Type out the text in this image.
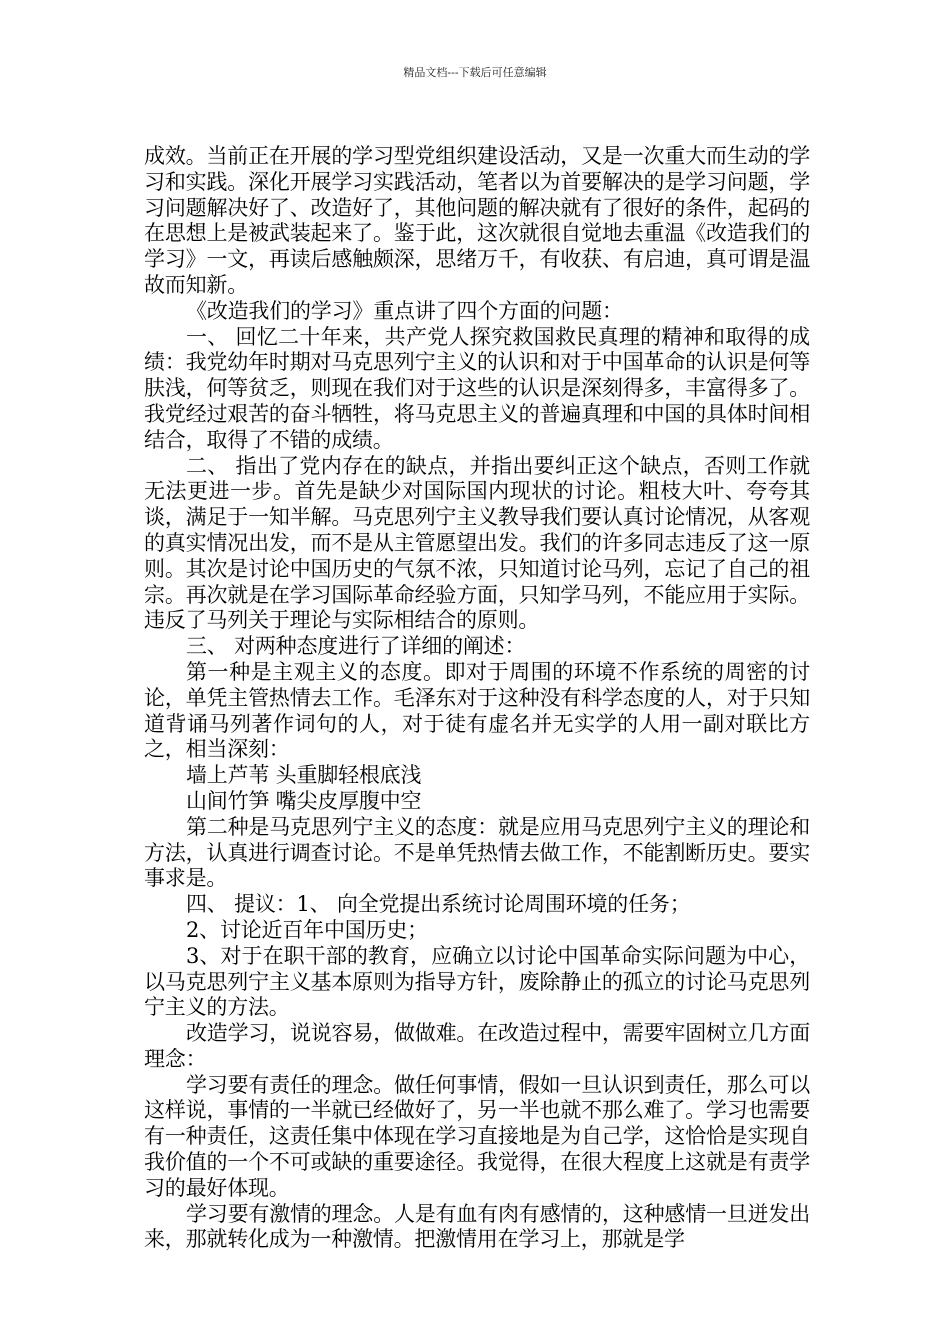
精品文档---下载后可任意编辑

成效。当前正在开展的学习型党组织建设活动，又是一次重大而生动的学习和实践。深化开展学习实践活动，笔者以为首要解决的是学习问题，学习问题解决好了、改造好了，其他问题的解决就有了很好的条件，起码的在思想上是被武装起来了。鉴于此，这次就很自觉地去重温《改造我们的学习》一文，再读后感触颇深，思绪万千，有收获、有启迪，真可谓是温故而知新。

《改造我们的学习》重点讲了四个方面的问题：

一、 回忆二十年来，共产党人探究救国救民真理的精神和取得的成绩：我党幼年时期对马克思列宁主义的认识和对于中国革命的认识是何等肤浅，何等贫乏，则现在我们对于这些的认识是深刻得多，丰富得多了。我党经过艰苦的奋斗牺牲，将马克思主义的普遍真理和中国的具体时间相结合，取得了不错的成绩。

二、 指出了党内存在的缺点，并指出要纠正这个缺点，否则工作就无法更进一步。首先是缺少对国际国内现状的讨论。粗枝大叶、夸夸其谈，满足于一知半解。马克思列宁主义教导我们要认真讨论情况，从客观的真实情况出发，而不是从主管愿望出发。我们的许多同志违反了这一原则。其次是讨论中国历史的气氛不浓，只知道讨论马列，忘记了自己的祖宗。再次就是在学习国际革命经验方面，只知学马列，不能应用于实际。违反了马列关于理论与实际相结合的原则。

三、 对两种态度进行了详细的阐述：

第一种是主观主义的态度。即对于周围的环境不作系统的周密的讨论，单凭主管热情去工作。毛泽东对于这种没有科学态度的人，对于只知道背诵马列著作词句的人，对于徒有虚名并无实学的人用一副对联比方之，相当深刻：

墙上芦苇 头重脚轻根底浅

山间竹笋 嘴尖皮厚腹中空

第二种是马克思列宁主义的态度：就是应用马克思列宁主义的理论和方法，认真进行调查讨论。不是单凭热情去做工作，不能割断历史。要实事求是。

四、 提议：1、 向全党提出系统讨论周围环境的任务；

2、讨论近百年中国历史；

3、对于在职干部的教育，应确立以讨论中国革命实际问题为中心，以马克思列宁主义基本原则为指导方针，废除静止的孤立的讨论马克思列宁主义的方法。

改造学习，说说容易，做做难。在改造过程中，需要牢固树立几方面理念：

学习要有责任的理念。做任何事情，假如一旦认识到责任，那么可以这样说，事情的一半就已经做好了，另一半也就不那么难了。学习也需要有一种责任，这责任集中体现在学习直接地是为自己学，这恰恰是实现自我价值的一个不可或缺的重要途径。我觉得，在很大程度上这就是有责学习的最好体现。

学习要有激情的理念。人是有血有肉有感情的，这种感情一旦迸发出来，那就转化成为一种激情。把激情用在学习上，那就是学
